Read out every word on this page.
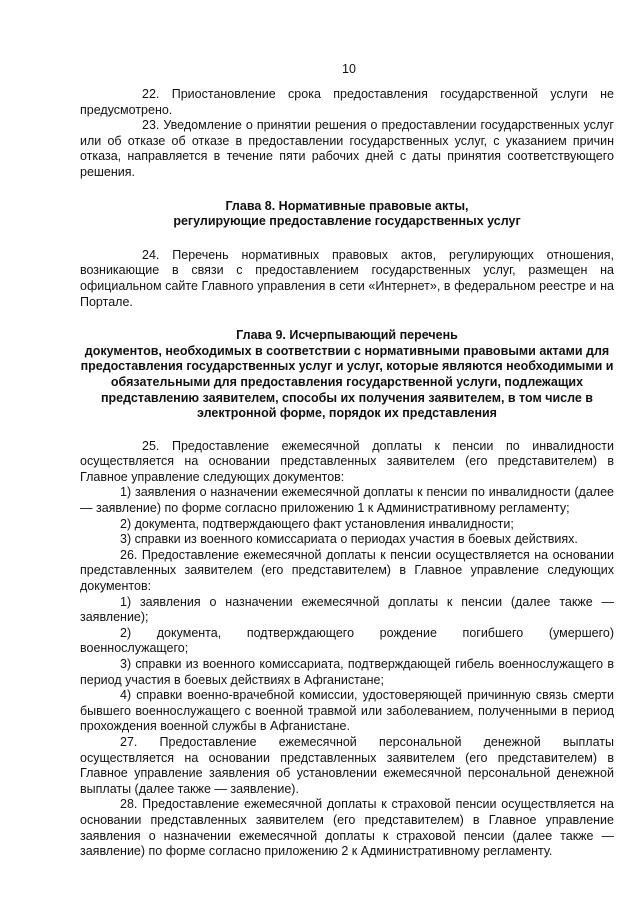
10

22. Приостановление срока предоставления государственной услуги не предусмотрено.

23. Уведомление о принятии решения о предоставлении государственных услуг или об отказе об отказе в предоставлении государственных услуг, с указанием причин отказа, направляется в течение пяти рабочих дней с даты принятия соответствующего решения.

Глава 8. Нормативные правовые акты,
регулирующие предоставление государственных услуг

24. Перечень нормативных правовых актов, регулирующих отношения, возникающие в связи с предоставлением государственных услуг, размещен на официальном сайте Главного управления в сети «Интернет», в федеральном реестре и на Портале.

Глава 9. Исчерпывающий перечень
документов, необходимых в соответствии с нормативными правовыми актами для предоставления государственных услуг и услуг, которые являются необходимыми и обязательными для предоставления государственной услуги, подлежащих представлению заявителем, способы их получения заявителем, в том числе в электронной форме, порядок их представления

25. Предоставление ежемесячной доплаты к пенсии по инвалидности осуществляется на основании представленных заявителем (его представителем) в Главное управление следующих документов:

1) заявления о назначении ежемесячной доплаты к пенсии по инвалидности (далее — заявление) по форме согласно приложению 1 к Административному регламенту;

2) документа, подтверждающего факт установления инвалидности;

3) справки из военного комиссариата о периодах участия в боевых действиях.

26. Предоставление ежемесячной доплаты к пенсии осуществляется на основании представленных заявителем (его представителем) в Главное управление следующих документов:

1) заявления о назначении ежемесячной доплаты к пенсии (далее также — заявление);

2) документа, подтверждающего рождение погибшего (умершего) военнослужащего;

3) справки из военного комиссариата, подтверждающей гибель военнослужащего в период участия в боевых действиях в Афганистане;

4) справки военно-врачебной комиссии, удостоверяющей причинную связь смерти бывшего военнослужащего с военной травмой или заболеванием, полученными в период прохождения военной службы в Афганистане.

27. Предоставление ежемесячной персональной денежной выплаты осуществляется на основании представленных заявителем (его представителем) в Главное управление заявления об установлении ежемесячной персональной денежной выплаты (далее также — заявление).

28. Предоставление ежемесячной доплаты к страховой пенсии осуществляется на основании представленных заявителем (его представителем) в Главное управление заявления о назначении ежемесячной доплаты к страховой пенсии (далее также — заявление) по форме согласно приложению 2 к Административному регламенту.
